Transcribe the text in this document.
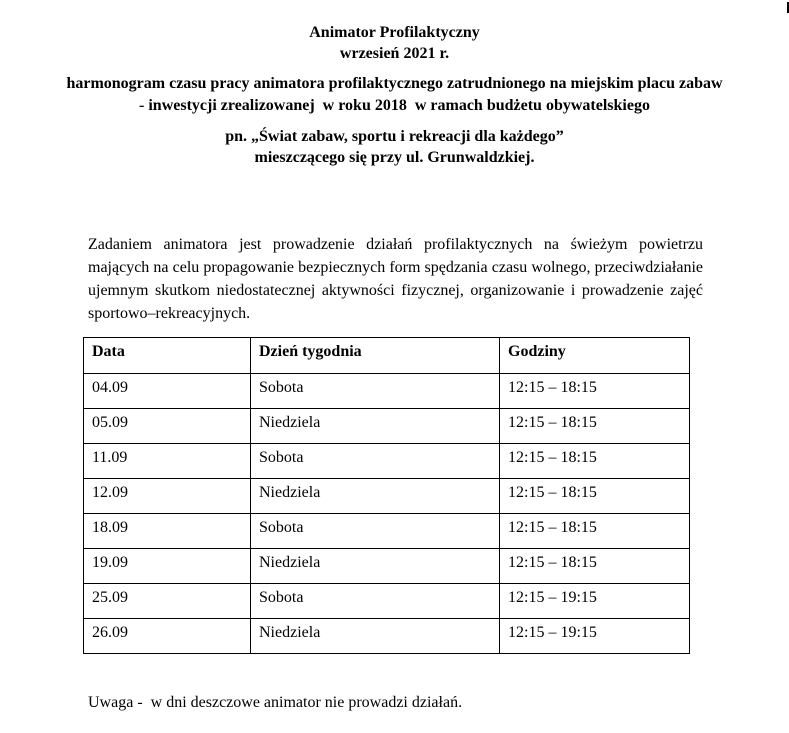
Animator Profilaktyczny
wrzesień 2021 r.
harmonogram czasu pracy animatora profilaktycznego zatrudnionego na miejskim placu zabaw
- inwestycji zrealizowanej  w roku 2018  w ramach budżetu obywatelskiego
pn. „Świat zabaw, sportu i rekreacji dla każdego”
mieszczącego się przy ul. Grunwaldzkiej.
Zadaniem animatora jest prowadzenie działań profilaktycznych na świeżym powietrzu mających na celu propagowanie bezpiecznych form spędzania czasu wolnego, przeciwdziałanie ujemnym skutkom niedostatecznej aktywności fizycznej, organizowanie i prowadzenie zajęć sportowo–rekreacyjnych.
Data	Dzień tygodnia	Godziny
04.09	Sobota	12:15 – 18:15
05.09	Niedziela	12:15 – 18:15
11.09	Sobota	12:15 – 18:15
12.09	Niedziela	12:15 – 18:15
18.09	Sobota	12:15 – 18:15
19.09	Niedziela	12:15 – 18:15
25.09	Sobota	12:15 – 19:15
26.09	Niedziela	12:15 – 19:15
Uwaga -  w dni deszczowe animator nie prowadzi działań.
